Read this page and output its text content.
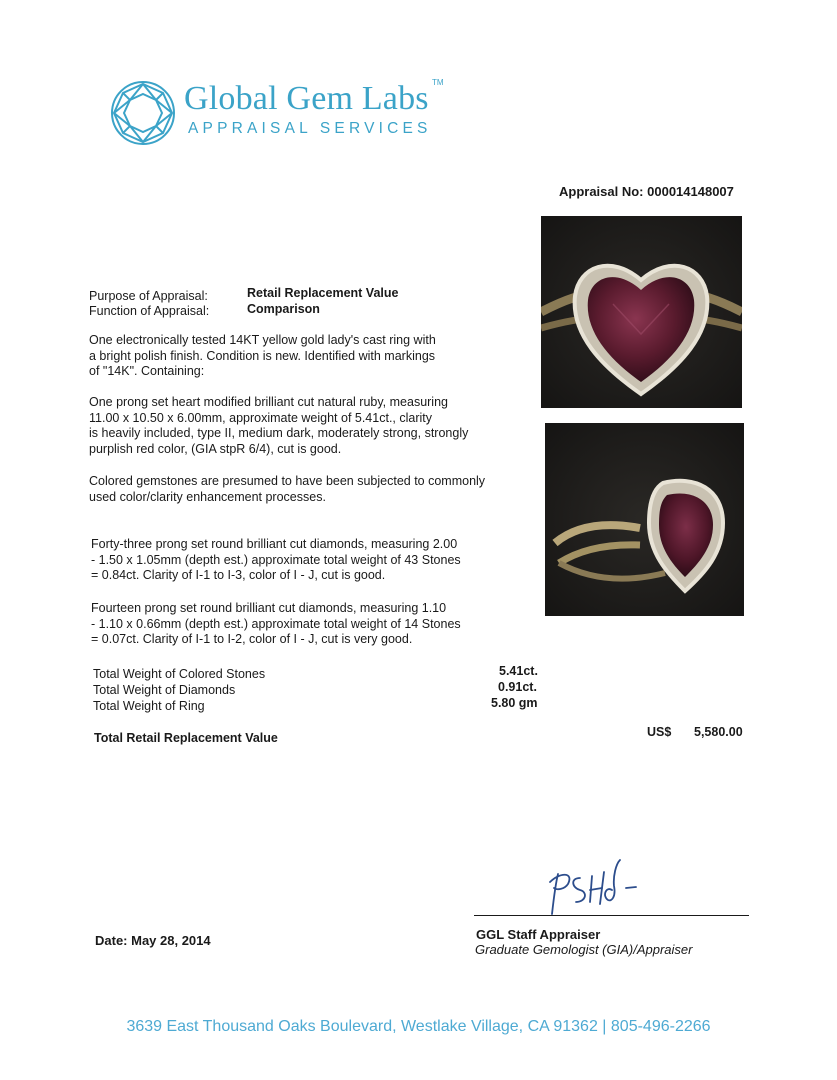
Global Gem Labs TM
APPRAISAL SERVICES
Appraisal No: 000014148007
Purpose of Appraisal:	Retail Replacement Value
Function of Appraisal:	Comparison
One electronically tested 14KT yellow gold lady's cast ring with
a bright polish finish. Condition is new. Identified with markings
of "14K". Containing:
One prong set heart modified brilliant cut natural ruby, measuring
11.00 x 10.50 x 6.00mm, approximate weight of 5.41ct., clarity
is heavily included, type II, medium dark, moderately strong, strongly
purplish red color, (GIA stpR 6/4), cut is good.
Colored gemstones are presumed to have been subjected to commonly
used color/clarity enhancement processes.
Forty-three prong set round brilliant cut diamonds, measuring 2.00
- 1.50 x 1.05mm (depth est.) approximate total weight of 43 Stones
= 0.84ct. Clarity of I-1 to I-3, color of I - J, cut is good.
Fourteen prong set round brilliant cut diamonds, measuring 1.10
- 1.10 x 0.66mm (depth est.) approximate total weight of 14 Stones
= 0.07ct. Clarity of I-1 to I-2, color of I - J, cut is very good.
Total Weight of Colored Stones	5.41ct.
Total Weight of Diamonds	0.91ct.
Total Weight of Ring	5.80 gm
Total Retail Replacement Value	US$ 5,580.00
GGL Staff Appraiser
Graduate Gemologist (GIA)/Appraiser
Date: May 28, 2014
3639 East Thousand Oaks Boulevard, Westlake Village, CA 91362 | 805-496-2266
